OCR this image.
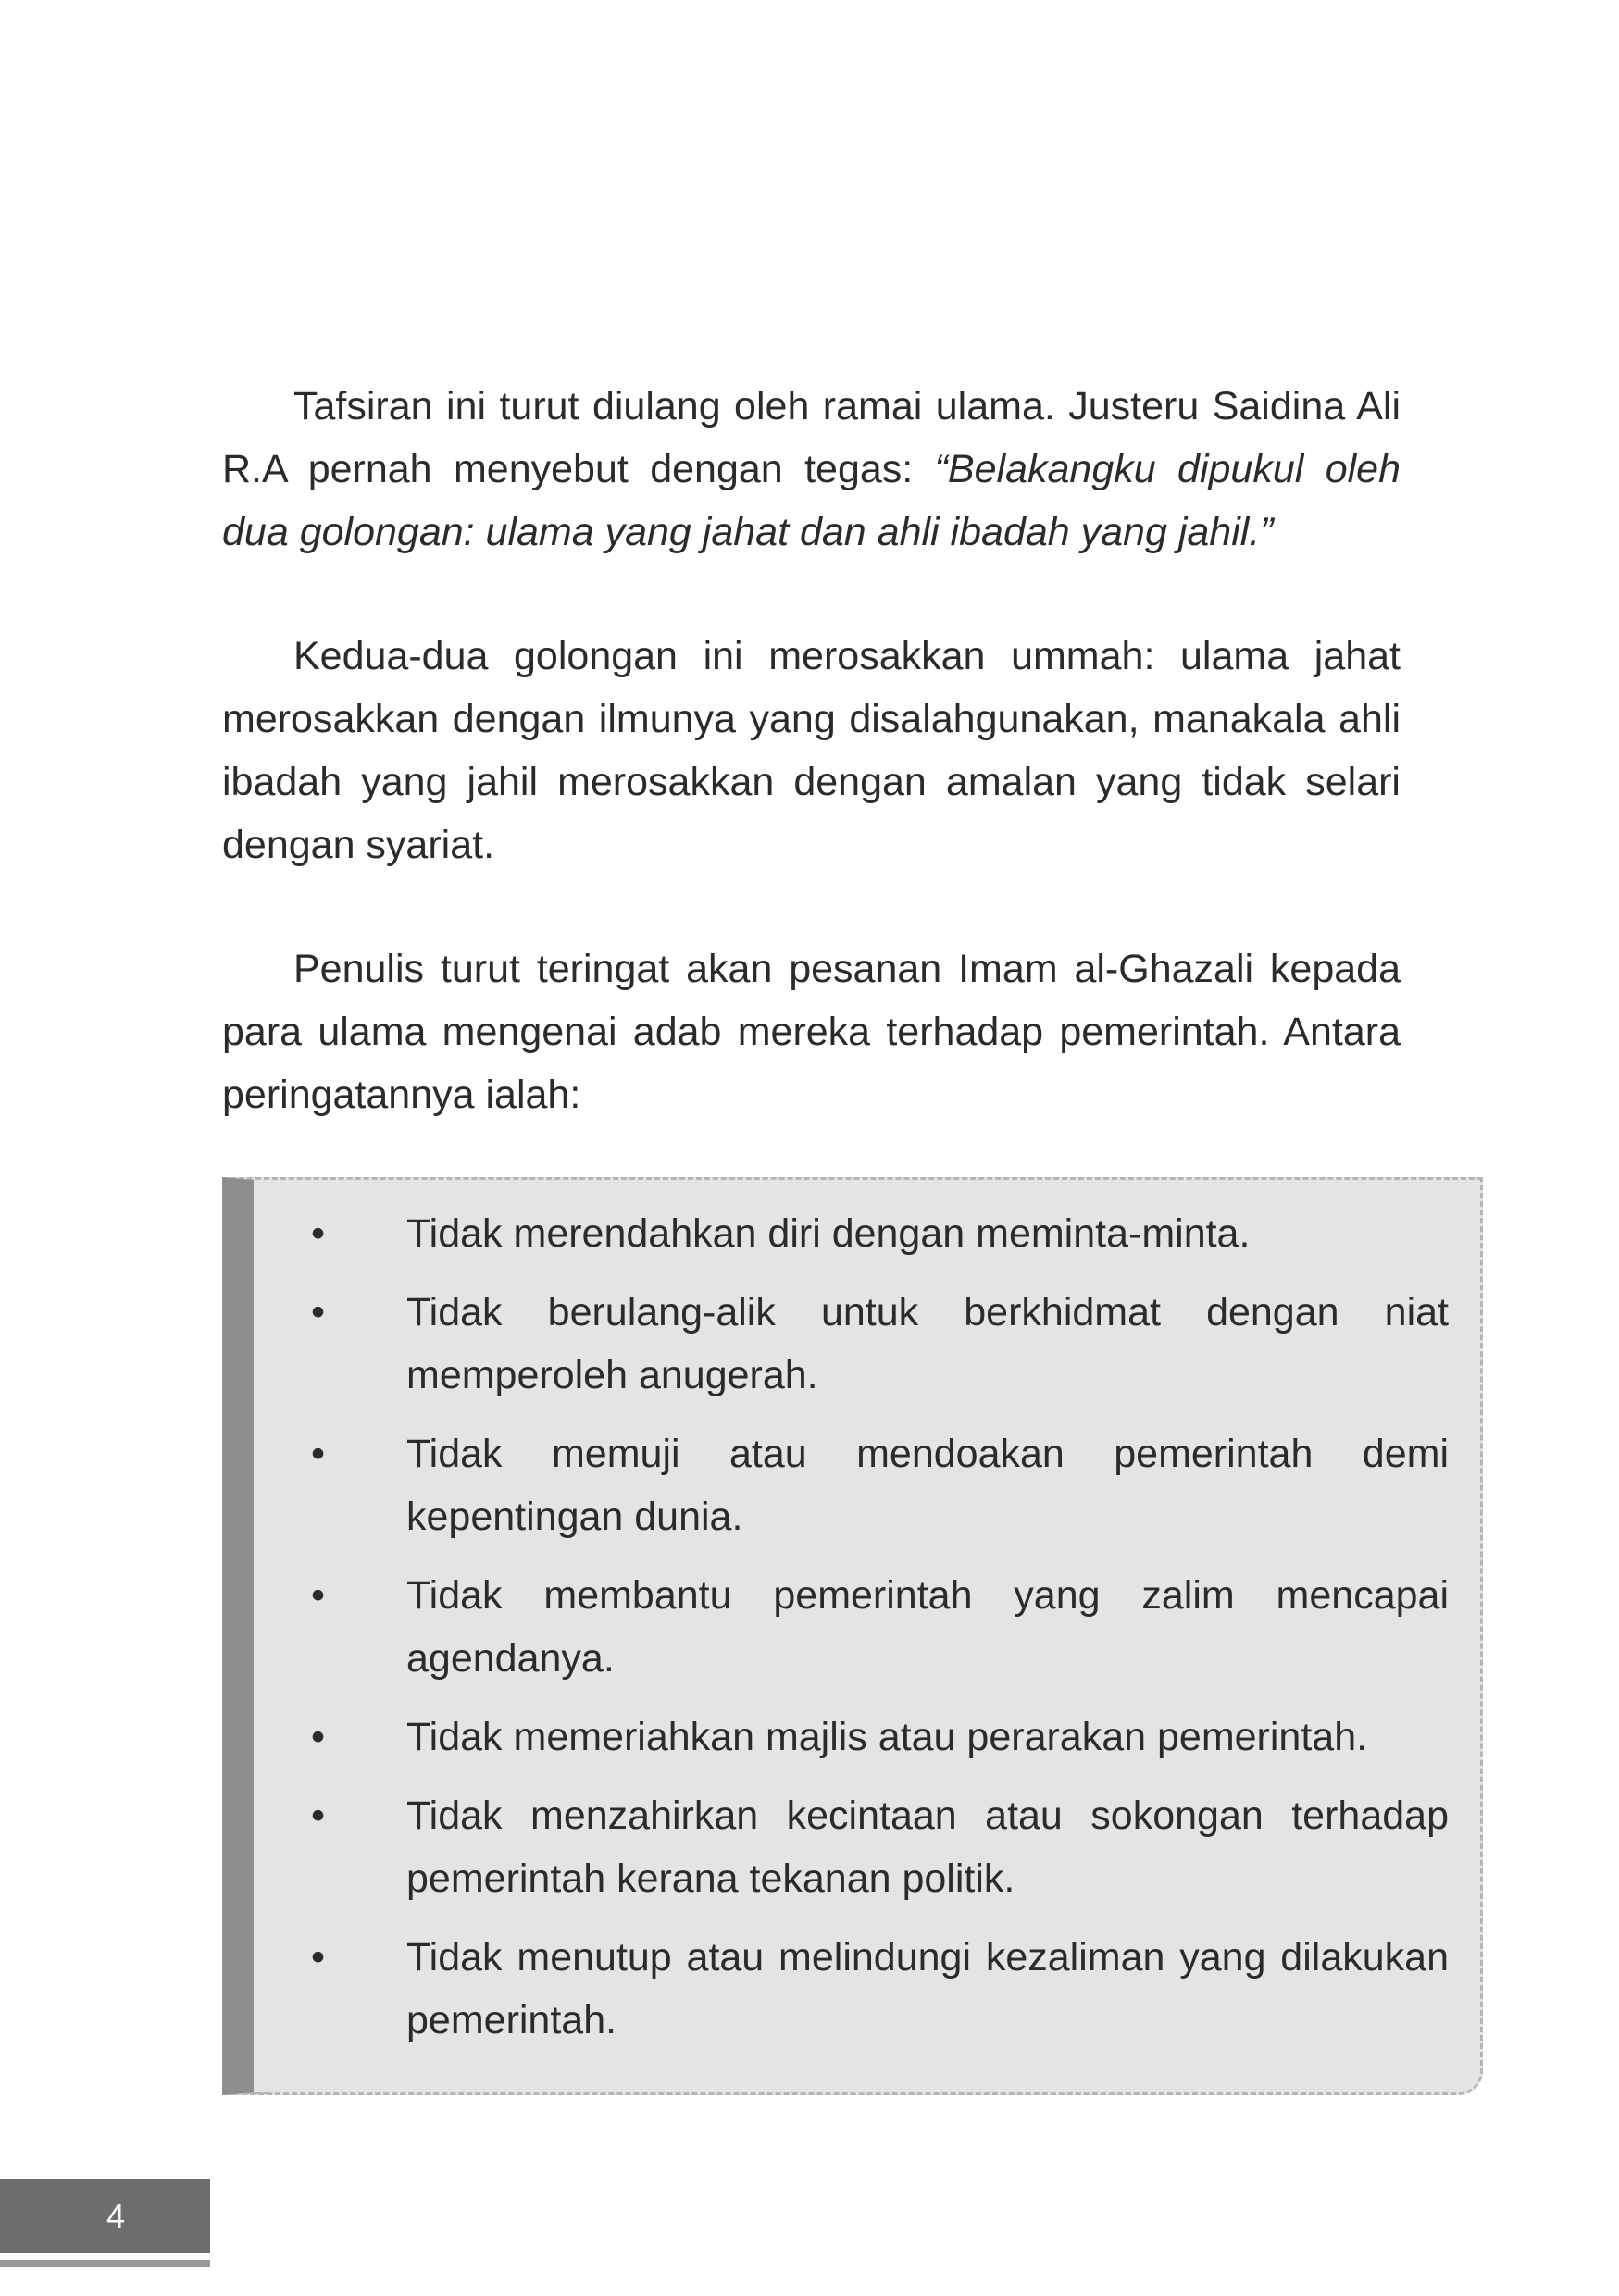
Tafsiran ini turut diulang oleh ramai ulama. Justeru Saidina Ali R.A pernah menyebut dengan tegas: “Belakangku dipukul oleh dua golongan: ulama yang jahat dan ahli ibadah yang jahil.”

Kedua-dua golongan ini merosakkan ummah: ulama jahat merosakkan dengan ilmunya yang disalahgunakan, manakala ahli ibadah yang jahil merosakkan dengan amalan yang tidak selari dengan syariat.

Penulis turut teringat akan pesanan Imam al-Ghazali kepada para ulama mengenai adab mereka terhadap pemerintah. Antara peringatannya ialah:

• Tidak merendahkan diri dengan meminta-minta.
• Tidak berulang-alik untuk berkhidmat dengan niat memperoleh anugerah.
• Tidak memuji atau mendoakan pemerintah demi kepentingan dunia.
• Tidak membantu pemerintah yang zalim mencapai agendanya.
• Tidak memeriahkan majlis atau perarakan pemerintah.
• Tidak menzahirkan kecintaan atau sokongan terhadap pemerintah kerana tekanan politik.
• Tidak menutup atau melindungi kezaliman yang dilakukan pemerintah.
4
